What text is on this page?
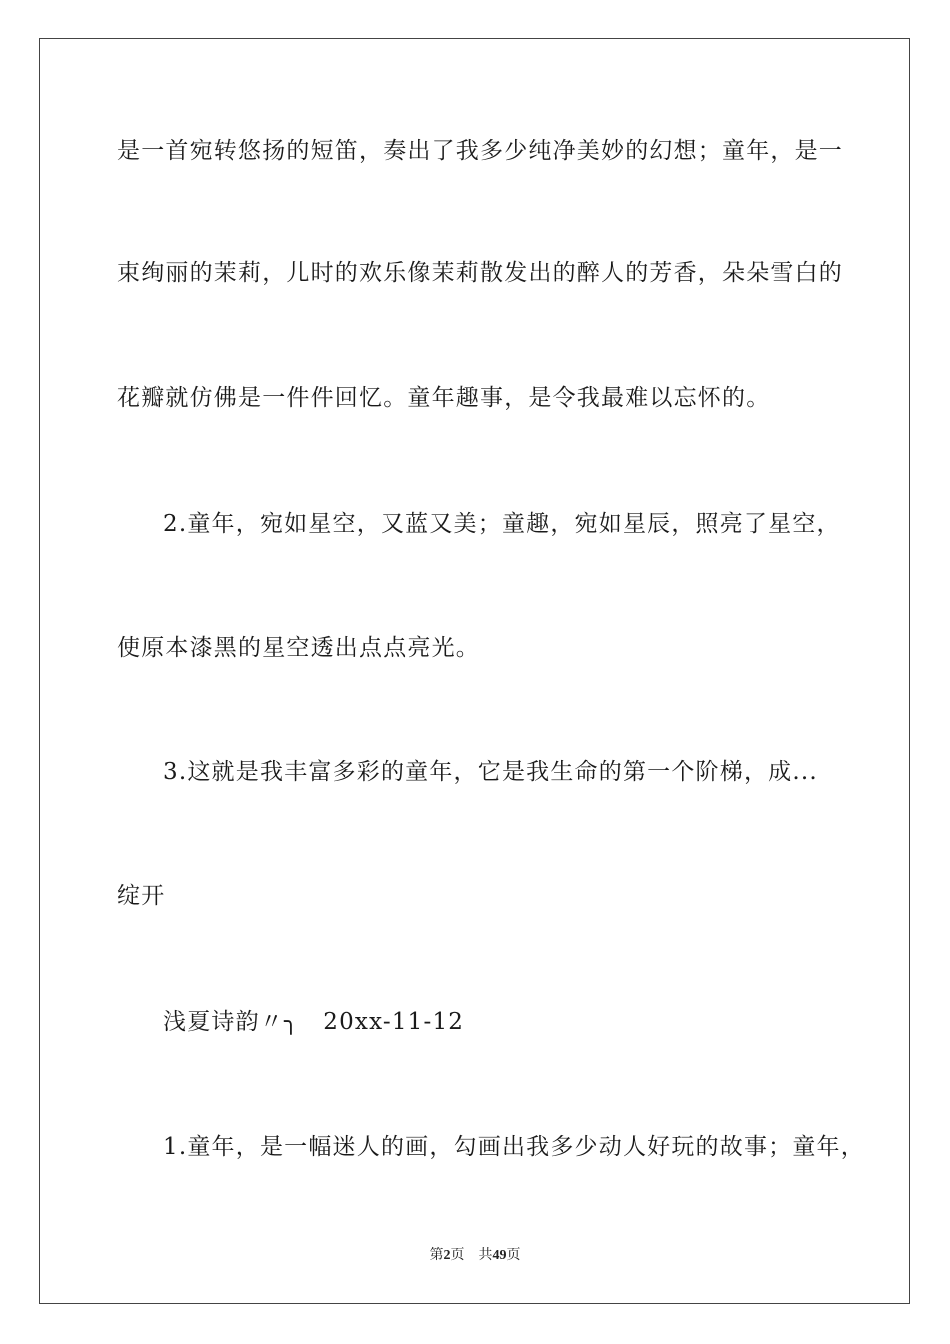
是一首宛转悠扬的短笛，奏出了我多少纯净美妙的幻想；童年，是一
束绚丽的茉莉，儿时的欢乐像茉莉散发出的醉人的芳香，朵朵雪白的
花瓣就仿佛是一件件回忆。童年趣事，是令我最难以忘怀的。
2.童年，宛如星空，又蓝又美；童趣，宛如星辰，照亮了星空，
使原本漆黑的星空透出点点亮光。
3.这就是我丰富多彩的童年，它是我生命的第一个阶梯，成...
绽开
浅夏诗韵〃╮　20xx-11-12
1.童年，是一幅迷人的画，勾画出我多少动人好玩的故事；童年，
第2页 共49页
